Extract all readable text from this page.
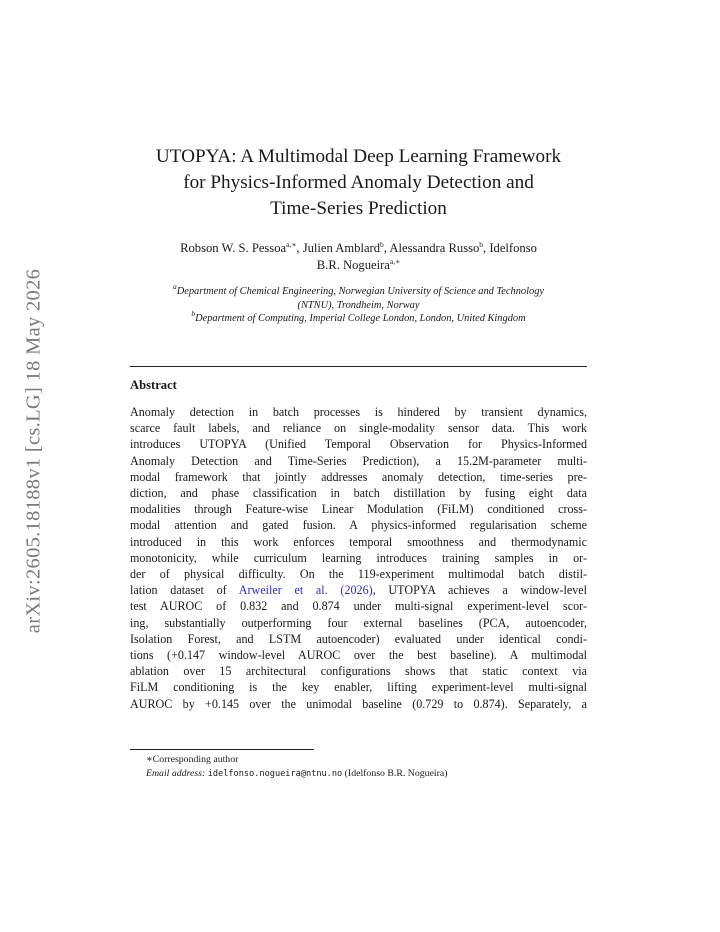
arXiv:2605.18188v1 [cs.LG] 18 May 2026
UTOPYA: A Multimodal Deep Learning Framework
for Physics-Informed Anomaly Detection and
Time-Series Prediction
Robson W. S. Pessoa$^{a,∗}$, Julien Amblard$^b$, Alessandra Russo$^b$, Idelfonso
B.R. Nogueira$^{a,∗}$
$^a$Department of Chemical Engineering, Norwegian University of Science and Technology
(NTNU), Trondheim, Norway
$^b$Department of Computing, Imperial College London, London, United Kingdom
Abstract
Anomaly detection in batch processes is hindered by transient dynamics,
scarce fault labels, and reliance on single-modality sensor data. This work
introduces UTOPYA (Unified Temporal Observation for Physics-Informed
Anomaly Detection and Time-Series Prediction), a 15.2M-parameter multi-
modal framework that jointly addresses anomaly detection, time-series pre-
diction, and phase classification in batch distillation by fusing eight data
modalities through Feature-wise Linear Modulation (FiLM) conditioned cross-
modal attention and gated fusion. A physics-informed regularisation scheme
introduced in this work enforces temporal smoothness and thermodynamic
monotonicity, while curriculum learning introduces training samples in or-
der of physical difficulty. On the 119-experiment multimodal batch distil-
lation dataset of Arweiler et al. (2026), UTOPYA achieves a window-level
test AUROC of 0.832 and 0.874 under multi-signal experiment-level scor-
ing, substantially outperforming four external baselines (PCA, autoencoder,
Isolation Forest, and LSTM autoencoder) evaluated under identical condi-
tions (+0.147 window-level AUROC over the best baseline). A multimodal
ablation over 15 architectural configurations shows that static context via
FiLM conditioning is the key enabler, lifting experiment-level multi-signal
AUROC by +0.145 over the unimodal baseline (0.729 to 0.874). Separately, a
∗Corresponding author
Email address: idelfonso.nogueira@ntnu.no (Idelfonso B.R. Nogueira)
